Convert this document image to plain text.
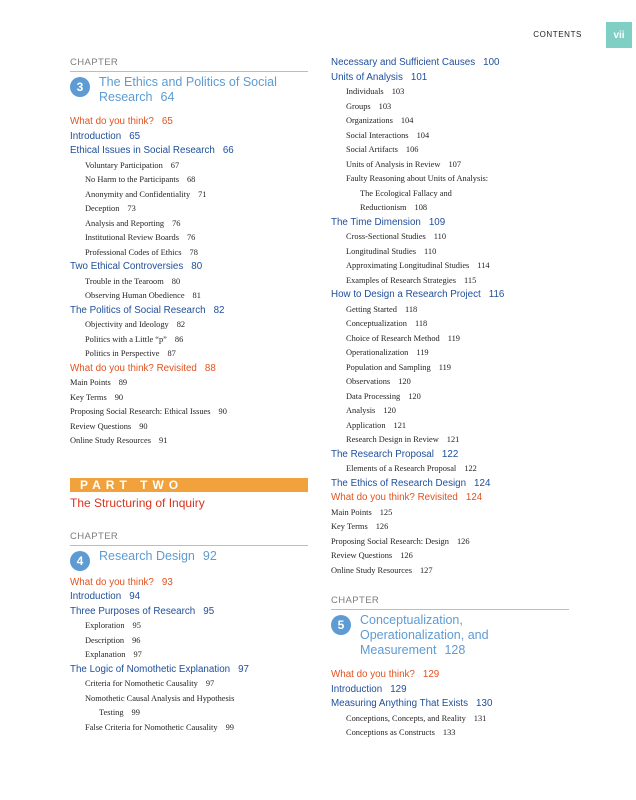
CONTENTS	vii
CHAPTER
3	The Ethics and Politics of Social
Research 64
What do you think? 65
Introduction 65
Ethical Issues in Social Research 66
Voluntary Participation 67
No Harm to the Participants 68
Anonymity and Confidentiality 71
Deception 73
Analysis and Reporting 76
Institutional Review Boards 76
Professional Codes of Ethics 78
Two Ethical Controversies 80
Trouble in the Tearoom 80
Observing Human Obedience 81
The Politics of Social Research 82
Objectivity and Ideology 82
Politics with a Little “p” 86
Politics in Perspective 87
What do you think? Revisited 88
Main Points 89
Key Terms 90
Proposing Social Research: Ethical Issues 90
Review Questions 90
Online Study Resources 91
PART TWO
The Structuring of Inquiry
CHAPTER
4	Research Design 92
What do you think? 93
Introduction 94
Three Purposes of Research 95
Exploration 95
Description 96
Explanation 97
The Logic of Nomothetic Explanation 97
Criteria for Nomothetic Causality 97
Nomothetic Causal Analysis and Hypothesis
Testing 99
False Criteria for Nomothetic Causality 99
Necessary and Sufficient Causes 100
Units of Analysis 101
Individuals 103
Groups 103
Organizations 104
Social Interactions 104
Social Artifacts 106
Units of Analysis in Review 107
Faulty Reasoning about Units of Analysis:
The Ecological Fallacy and
Reductionism 108
The Time Dimension 109
Cross-Sectional Studies 110
Longitudinal Studies 110
Approximating Longitudinal Studies 114
Examples of Research Strategies 115
How to Design a Research Project 116
Getting Started 118
Conceptualization 118
Choice of Research Method 119
Operationalization 119
Population and Sampling 119
Observations 120
Data Processing 120
Analysis 120
Application 121
Research Design in Review 121
The Research Proposal 122
Elements of a Research Proposal 122
The Ethics of Research Design 124
What do you think? Revisited 124
Main Points 125
Key Terms 126
Proposing Social Research: Design 126
Review Questions 126
Online Study Resources 127
CHAPTER
5	Conceptualization,
Operationalization, and
Measurement 128
What do you think? 129
Introduction 129
Measuring Anything That Exists 130
Conceptions, Concepts, and Reality 131
Conceptions as Constructs 133
